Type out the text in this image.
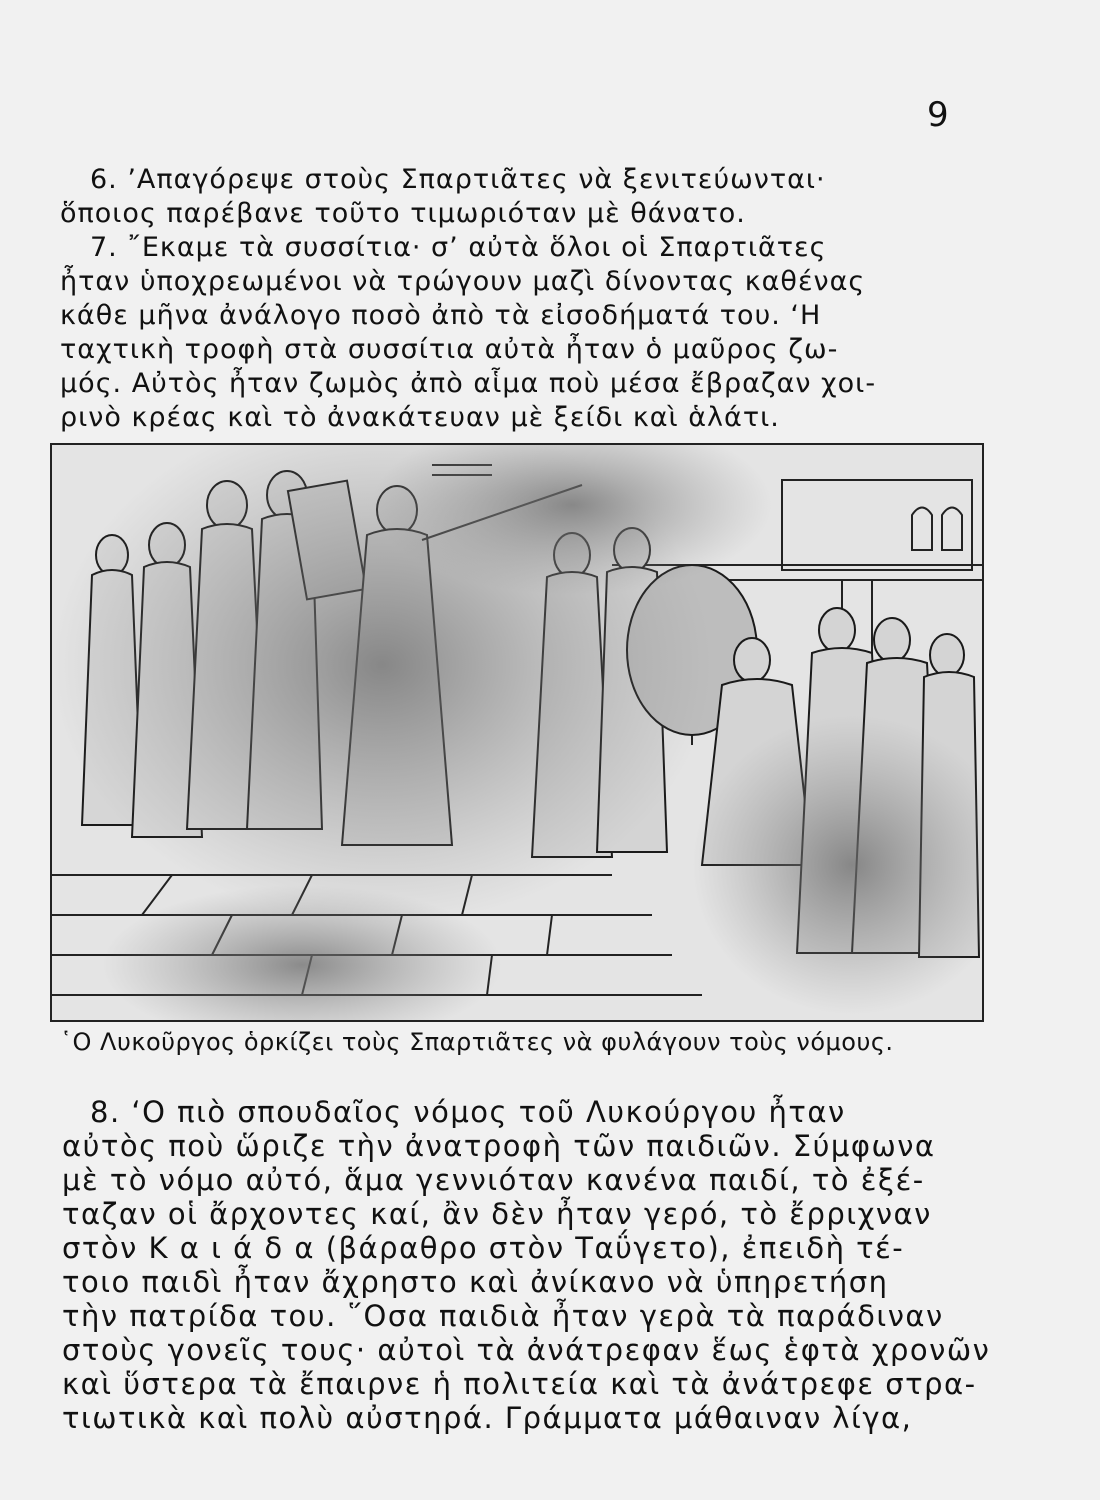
9
6. ’Απαγόρεψε στοὺς Σπαρτιᾶτες νὰ ξενιτεύωνται·
ὅποιος παρέβανε τοῦτο τιμωριόταν μὲ θάνατο.
7. ῎Εκαμε τὰ συσσίτια· σ’ αὐτὰ ὅλοι οἱ Σπαρτιᾶτες
ἦταν ὑποχρεωμένοι νὰ τρώγουν μαζὶ δίνοντας καθένας
κάθε μῆνα ἀνάλογο ποσὸ ἀπὸ τὰ εἰσοδήματά του. ‘Η
ταχτικὴ τροφὴ στὰ συσσίτια αὐτὰ ἦταν ὁ μαῦρος ζω-
μός. Αὐτὸς ἦταν ζωμὸς ἀπὸ αἷμα ποὺ μέσα ἔβραζαν χοι-
ρινὸ κρέας καὶ τὸ ἀνακάτευαν μὲ ξείδι καὶ ἁλάτι.
῾Ο Λυκοῦργος ὁρκίζει τοὺς Σπαρτιᾶτες νὰ φυλάγουν τοὺς νόμους.
8. ‘Ο πιὸ σπουδαῖος νόμος τοῦ Λυκούργου ἦταν
αὐτὸς ποὺ ὥριζε τὴν ἀνατροφὴ τῶν παιδιῶν. Σύμφωνα
μὲ τὸ νόμο αὐτό, ἅμα γεννιόταν κανένα παιδί, τὸ ἐξέ-
ταζαν οἱ ἄρχοντες καί, ἂν δὲν ἦταν γερό, τὸ ἔρριχναν
στὸν Κ α ι ά δ α (βάραθρο στὸν Ταΰγετο), ἐπειδὴ τέ-
τοιο παιδὶ ἦταν ἄχρηστο καὶ ἀνίκανο νὰ ὑπηρετήση
τὴν πατρίδα του. ῞Οσα παιδιὰ ἦταν γερὰ τὰ παράδιναν
στοὺς γονεῖς τους· αὐτοὶ τὰ ἀνάτρεφαν ἕως ἑφτὰ χρονῶν
καὶ ὕστερα τὰ ἔπαιρνε ἡ πολιτεία καὶ τὰ ἀνάτρεφε στρα-
τιωτικὰ καὶ πολὺ αὐστηρά. Γράμματα μάθαιναν λίγα,
